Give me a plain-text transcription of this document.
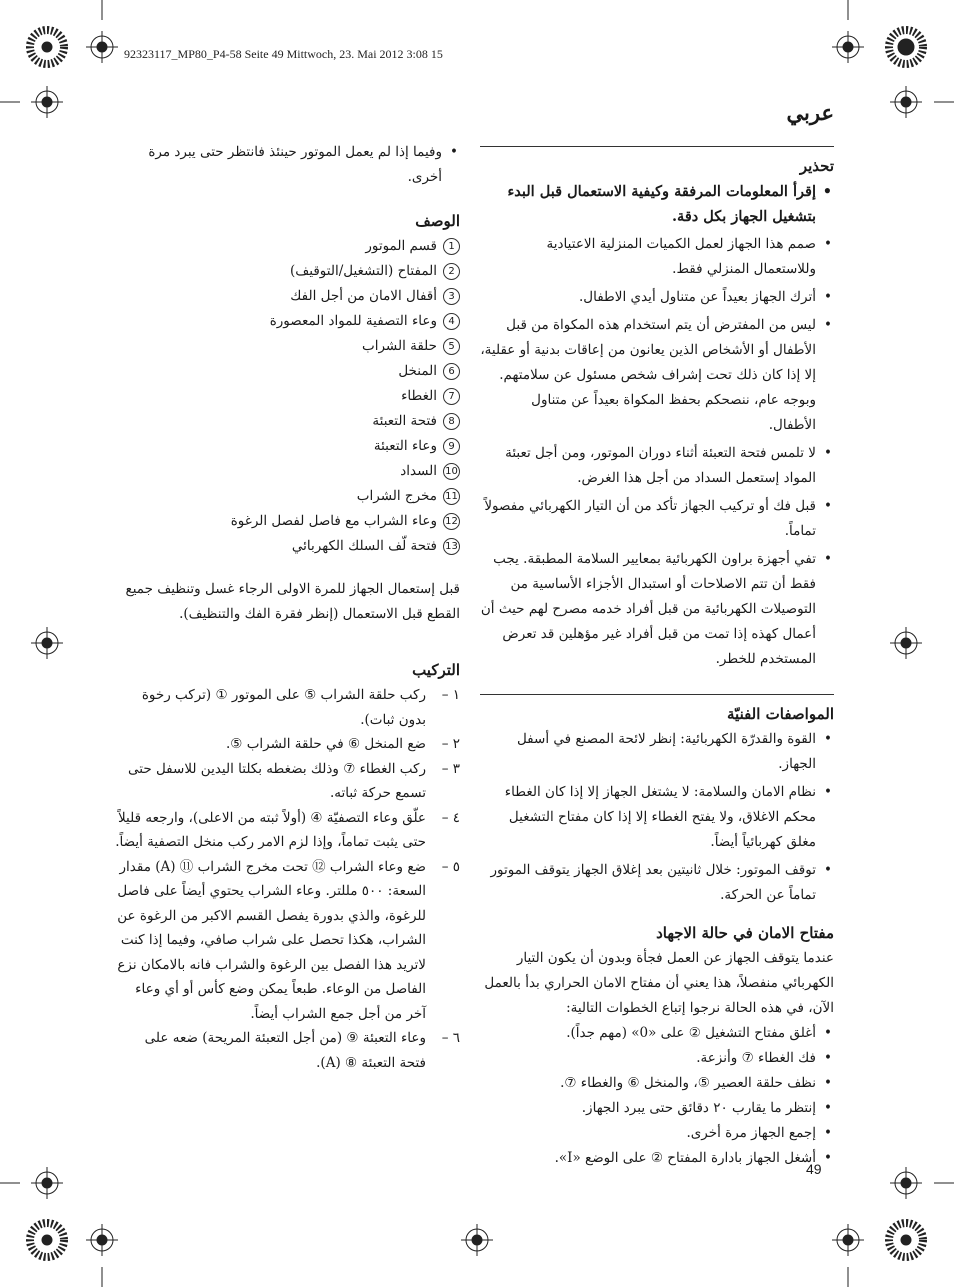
92323117_MP80_P4-58 Seite 49 Mittwoch, 23. Mai 2012 3:08 15
عربي
تحذير
• إقرأ المعلومات المرفقة وكيفية الاستعمال قبل البدء بتشغيل الجهاز بكل دقة.
• صمم هذا الجهاز لعمل الكميات المنزلية الاعتيادية وللاستعمال المنزلي فقط.
• أترك الجهاز بعيداً عن متناول أيدي الاطفال.
• ليس من المفترض أن يتم استخدام هذه المكواة من قبل الأطفال أو الأشخاص الذين يعانون من إعاقات بدنية أو عقلية، إلا إذا كان ذلك تحت إشراف شخص مسئول عن سلامتهم. وبوجه عام، ننصحكم بحفظ المكواة بعيداً عن متناول الأطفال.
• لا تلمس فتحة التعبئة أثناء دوران الموتور، ومن أجل تعبئة المواد إستعمل السداد من أجل هذا الغرض.
• قبل فك أو تركيب الجهاز تأكد من أن التيار الكهربائي مفصولاً تماماً.
• تفي أجهزة براون الكهربائية بمعايير السلامة المطبقة. يجب فقط أن تتم الاصلاحات أو استبدال الأجزاء الأساسية من التوصيلات الكهربائية من قبل أفراد خدمه مصرح لهم حيث أن أعمال كهذه إذا تمت من قبل أفراد غير مؤهلين قد تعرض المستخدم للخطر.
المواصفات الفنيّة
• القوة والقدرّة الكهربائية: إنظر لائحة المصنع في أسفل الجهاز.
• نظام الامان والسلامة: لا يشتغل الجهاز إلا إذا كان الغطاء محكم الاغلاق، ولا يفتح الغطاء إلا إذا كان مفتاح التشغيل مغلق كهربائياً أيضاً.
• توقف الموتور: خلال ثانيتين بعد إغلاق الجهاز يتوقف الموتور تماماً عن الحركة.
مفتاح الامان في حالة الاجهاد

عندما يتوقف الجهاز عن العمل فجأة وبدون أن يكون التيار الكهربائي منفصلاً، هذا يعني أن مفتاح الامان الحراري بدأ بالعمل الآن، في هذه الحالة نرجوا إتباع الخطوات التالية:

• أغلق مفتاح التشغيل ② على «0» (مهم جداً).
• فك الغطاء ⑦ وأنزعة.
• نظف حلقة العصير ⑤، والمنخل ⑥ والغطاء ⑦.
• إنتظر ما يقارب ٢٠ دقائق حتى يبرد الجهاز.
• إجمع الجهاز مرة أخرى.
• أشغل الجهاز بادارة المفتاح ② على الوضع «I».
• وفيما إذا لم يعمل الموتور حينئذ فانتظر حتى يبرد مرة أخرى.
الوصف
1
قسم الموتور
2
المفتاح (التشغيل/التوقيف)
3
أقفال الامان من أجل الفك
4
وعاء التصفية للمواد المعصورة
5
حلقة الشراب
6
المنخل
7
الغطاء
8
فتحة التعبئة
9
وعاء التعبئة
10
السداد
11
مخرج الشراب
12
وعاء الشراب مع فاصل لفصل الرغوة
13
فتحة لّف السلك الكهربائي

قبل إستعمال الجهاز للمرة الاولى الرجاء غسل وتنظيف جميع القطع قبل الاستعمال (إنظر فقرة الفك والتنظيف).

التركيب
١ –
ركب حلقة الشراب ⑤ على الموتور ① (تركب رخوة بدون ثبات).
٢ –
ضع المنخل ⑥ في حلقة الشراب ⑤.
٣ –
ركب الغطاء ⑦ وذلك بضغطه بكلتا اليدين للاسفل حتى تسمع حركة ثباته.
٤ –
علّق وعاء التصفيّة ④ (أولاً ثبته من الاعلى)، وارجعه قليلاً حتى يثبت تماماً، وإذا لزم الامر ركب منخل التصفية أيضاً.
٥ –
ضع وعاء الشراب ⑫ تحت مخرج الشراب ⑪ (A) مقدار السعة: ٥٠٠ مللتر. وعاء الشراب يحتوي أيضاً على فاصل للرغوة، والذي بدورة يفصل القسم الاكبر من الرغوة عن الشراب، هكذا تحصل على شراب صافي، وفيما إذا كنت لاتريد هذا الفصل بين الرغوة والشراب فانه بالامكان نزع الفاصل من الوعاء. طبعاً يمكن وضع كأس أو أي وعاء آخر من أجل جمع الشراب أيضاً.
٦ –
وعاء التعبئة ⑨ (من أجل التعبئة المريحة) ضعه على فتحة التعبئة ⑧ (A).
49
